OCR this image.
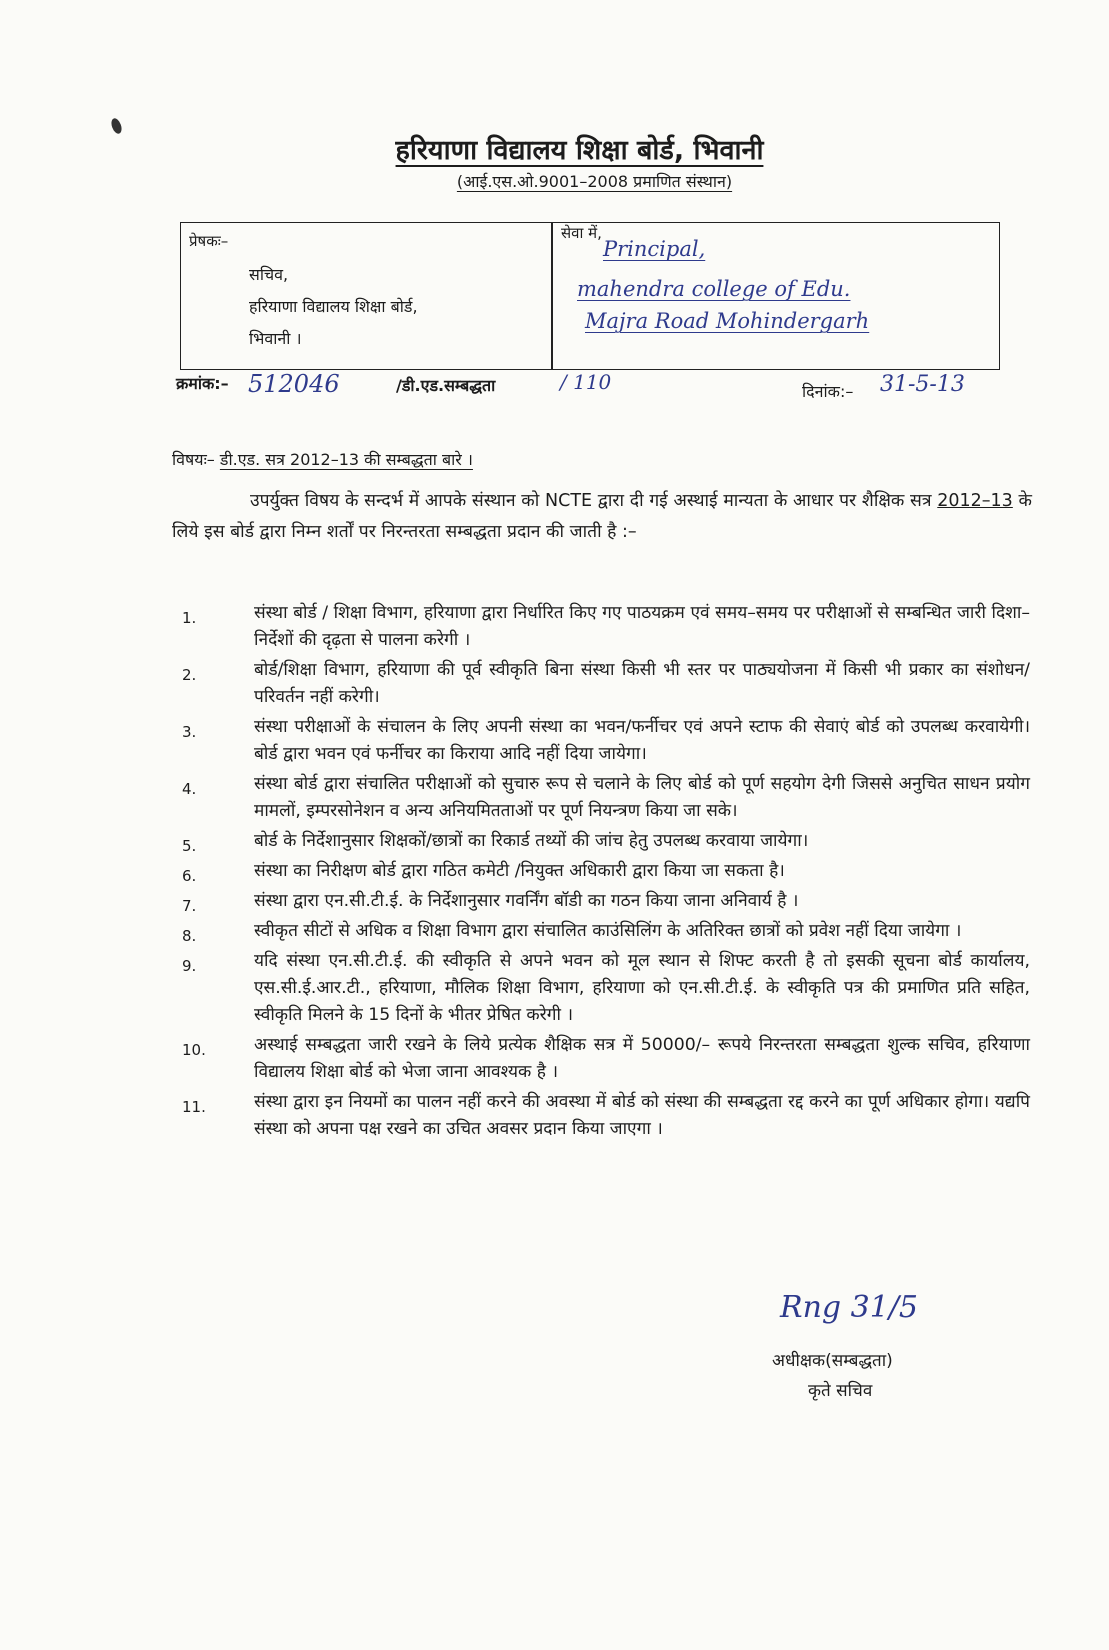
हरियाणा विद्यालय शिक्षा बोर्ड, भिवानी
(आई.एस.ओ.9001–2008 प्रमाणित संस्थान)
प्रेषकः–
सचिव,
हरियाणा विद्यालय शिक्षा बोर्ड,
भिवानी ।
सेवा में,
Principal,
mahendra college of Edu.
Majra Road Mohindergarh
क्रमांक:– 512046	/डी.एड.सम्बद्धता	/ 110	दिनांक:– 31-5-13
विषयः– डी.एड. सत्र 2012–13 की सम्बद्धता बारे ।
उपर्युक्त विषय के सन्दर्भ में आपके संस्थान को NCTE द्वारा दी गई अस्थाई मान्यता के आधार पर शैक्षिक सत्र 2012–13 के लिये इस बोर्ड द्वारा निम्न शर्तों पर निरन्तरता सम्बद्धता प्रदान की जाती है :–
1.	संस्था बोर्ड / शिक्षा विभाग, हरियाणा द्वारा निर्धारित किए गए पाठयक्रम एवं समय–समय पर परीक्षाओं से सम्बन्धित जारी दिशा–निर्देशों की दृढ़ता से पालना करेगी ।
2.	बोर्ड/शिक्षा विभाग, हरियाणा की पूर्व स्वीकृति बिना संस्था किसी भी स्तर पर पाठ्ययोजना में किसी भी प्रकार का संशोधन/परिवर्तन नहीं करेगी।
3.	संस्था परीक्षाओं के संचालन के लिए अपनी संस्था का भवन/फर्नीचर एवं अपने स्टाफ की सेवाएं बोर्ड को उपलब्ध करवायेगी। बोर्ड द्वारा भवन एवं फर्नीचर का किराया आदि नहीं दिया जायेगा।
4.	संस्था बोर्ड द्वारा संचालित परीक्षाओं को सुचारु रूप से चलाने के लिए बोर्ड को पूर्ण सहयोग देगी जिससे अनुचित साधन प्रयोग मामलों, इम्परसोनेशन व अन्य अनियमितताओं पर पूर्ण नियन्त्रण किया जा सके।
5.	बोर्ड के निर्देशानुसार शिक्षकों/छात्रों का रिकार्ड तथ्यों की जांच हेतु उपलब्ध करवाया जायेगा।
6.	संस्था का निरीक्षण बोर्ड द्वारा गठित कमेटी /नियुक्त अधिकारी द्वारा किया जा सकता है।
7.	संस्था द्वारा एन.सी.टी.ई. के निर्देशानुसार गवर्निंग बॉडी का गठन किया जाना अनिवार्य है ।
8.	स्वीकृत सीटों से अधिक व शिक्षा विभाग द्वारा संचालित काउंसिलिंग के अतिरिक्त छात्रों को प्रवेश नहीं दिया जायेगा ।
9.	यदि संस्था एन.सी.टी.ई. की स्वीकृति से अपने भवन को मूल स्थान से शिफ्ट करती है तो इसकी सूचना बोर्ड कार्यालय, एस.सी.ई.आर.टी., हरियाणा, मौलिक शिक्षा विभाग, हरियाणा को एन.सी.टी.ई. के स्वीकृति पत्र की प्रमाणित प्रति सहित, स्वीकृति मिलने के 15 दिनों के भीतर प्रेषित करेगी ।
10.	अस्थाई सम्बद्धता जारी रखने के लिये प्रत्येक शैक्षिक सत्र में 50000/– रूपये निरन्तरता सम्बद्धता शुल्क सचिव, हरियाणा विद्यालय शिक्षा बोर्ड को भेजा जाना आवश्यक है ।
11.	संस्था द्वारा इन नियमों का पालन नहीं करने की अवस्था में बोर्ड को संस्था की सम्बद्धता रद्द करने का पूर्ण अधिकार होगा। यद्यपि संस्था को अपना पक्ष रखने का उचित अवसर प्रदान किया जाएगा ।
Rng 31/5
अधीक्षक(सम्बद्धता)
कृते सचिव
